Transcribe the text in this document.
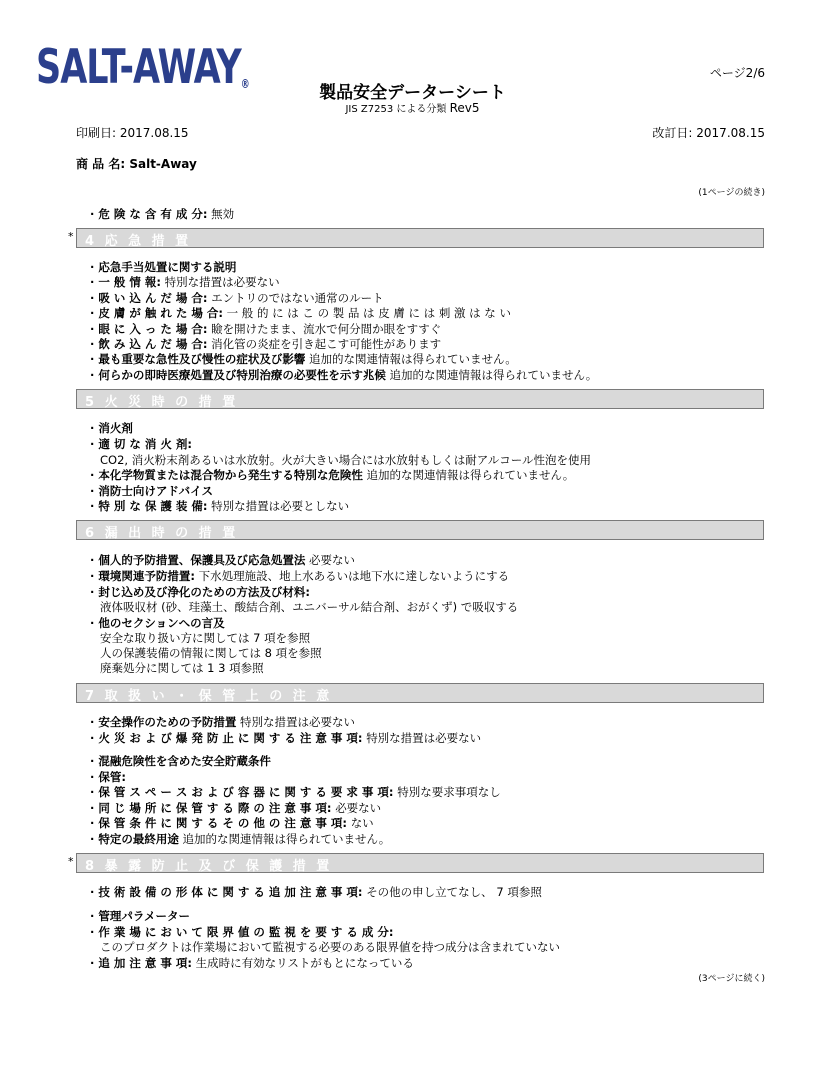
SALT-AWAY®
ページ2/6
製品安全データーシート
JIS Z7253 による分類 Rev5
印刷日: 2017.08.15	改訂日: 2017.08.15
商 品 名: Salt-Away
(1ページの続き)
· 危 険 な 含 有 成 分: 無効
* 4 応 急 措 置
· 応急手当処置に関する説明
· 一 般 情 報: 特別な措置は必要ない
· 吸 い 込 ん だ 場 合: エントリのではない通常のルート
· 皮 膚 が 触 れ た 場 合: 一 般 的 に は こ の 製 品 は 皮 膚 に は 刺 激 は な い
· 眼 に 入 っ た 場 合: 瞼を開けたまま、流水で何分間か眼をすすぐ
· 飲 み 込 ん だ 場 合: 消化管の炎症を引き起こす可能性があります
· 最も重要な急性及び慢性の症状及び影響 追加的な関連情報は得られていません。
· 何らかの即時医療処置及び特別治療の必要性を示す兆候 追加的な関連情報は得られていません。
5 火 災 時 の 措 置
· 消火剤
· 適 切 な 消 火 剤:
CO2, 消火粉末剤あるいは水放射。火が大きい場合には水放射もしくは耐アルコール性泡を使用
· 本化学物質または混合物から発生する特別な危険性 追加的な関連情報は得られていません。
· 消防士向けアドバイス
· 特 別 な 保 護 装 備: 特別な措置は必要としない
6 漏 出 時 の 措 置
· 個人的予防措置、保護具及び応急処置法 必要ない
· 環境関連予防措置: 下水処理施設、地上水あるいは地下水に達しないようにする
· 封じ込め及び浄化のための方法及び材料:
液体吸収材 (砂、珪藻土、酸結合剤、ユニバーサル結合剤、おがくず) で吸収する
· 他のセクションへの言及
安全な取り扱い方に関しては 7 項を参照
人の保護装備の情報に関しては 8 項を参照
廃棄処分に関しては 1 3 項参照
7 取 扱 い ・ 保 管 上 の 注 意
· 安全操作のための予防措置 特別な措置は必要ない
· 火 災 お よ び 爆 発 防 止 に 関 す る 注 意 事 項: 特別な措置は必要ない
· 混融危険性を含めた安全貯蔵条件
· 保管:
· 保 管 ス ペ ー ス お よ び 容 器 に 関 す る 要 求 事 項: 特別な要求事項なし
· 同 じ 場 所 に 保 管 す る 際 の 注 意 事 項: 必要ない
· 保 管 条 件 に 関 す る そ の 他 の 注 意 事 項: ない
· 特定の最終用途 追加的な関連情報は得られていません。
* 8 暴 露 防 止 及 び 保 護 措 置
· 技 術 設 備 の 形 体 に 関 す る 追 加 注 意 事 項: その他の申し立てなし、 7 項参照
· 管理パラメーター
· 作 業 場 に お い て 限 界 値 の 監 視 を 要 す る 成 分:
このプロダクトは作業場において監視する必要のある限界値を持つ成分は含まれていない
· 追 加 注 意 事 項: 生成時に有効なリストがもとになっている
(3ページに続く)
